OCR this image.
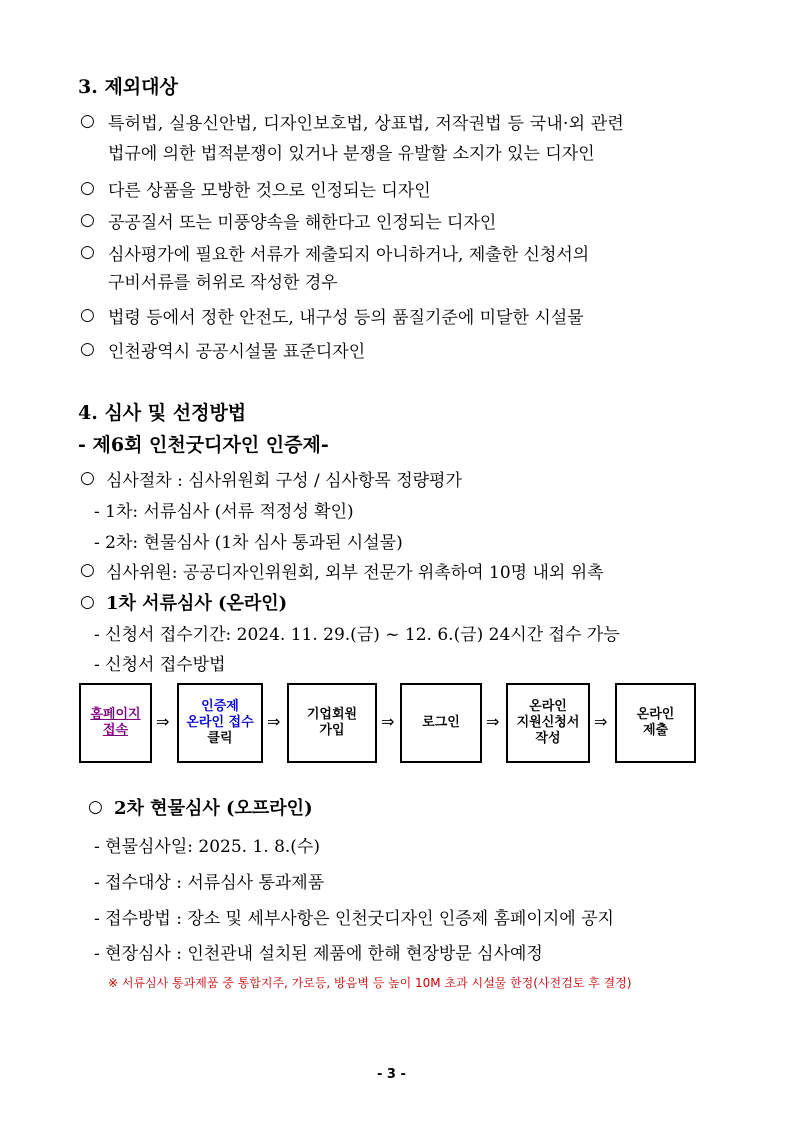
3. 제외대상
○ 특허법, 실용신안법, 디자인보호법, 상표법, 저작권법 등 국내·외 관련
법규에 의한 법적분쟁이 있거나 분쟁을 유발할 소지가 있는 디자인
○ 다른 상품을 모방한 것으로 인정되는 디자인
○ 공공질서 또는 미풍양속을 해한다고 인정되는 디자인
○ 심사평가에 필요한 서류가 제출되지 아니하거나, 제출한 신청서의
구비서류를 허위로 작성한 경우
○ 법령 등에서 정한 안전도, 내구성 등의 품질기준에 미달한 시설물
○ 인천광역시 공공시설물 표준디자인
4. 심사 및 선정방법
- 제6회 인천굿디자인 인증제-
○ 심사절차 : 심사위원회 구성 / 심사항목 정량평가
- 1차: 서류심사 (서류 적정성 확인)
- 2차: 현물심사 (1차 심사 통과된 시설물)
○ 심사위원: 공공디자인위원회, 외부 전문가 위촉하여 10명 내외 위촉
○ 1차 서류심사 (온라인)
- 신청서 접수기간: 2024. 11. 29.(금) ~ 12. 6.(금) 24시간 접수 가능
- 신청서 접수방법
홈페이지
접속	⇒
인증제
온라인 접수
클릭
⇒ 기업회원
가입	⇒ 로그인 ⇒
온라인
지원신청서
작성
⇒ 온라인
제출
○ 2차 현물심사 (오프라인)
- 현물심사일: 2025. 1. 8.(수)
- 접수대상 : 서류심사 통과제품
- 접수방법 : 장소 및 세부사항은 인천굿디자인 인증제 홈페이지에 공지
- 현장심사 : 인천관내 설치된 제품에 한해 현장방문 심사예정
※ 서류심사 통과제품 중 통합지주, 가로등, 방음벽 등 높이 10M 초과 시설물 한정(사전검토 후 결정)
- 3 -
